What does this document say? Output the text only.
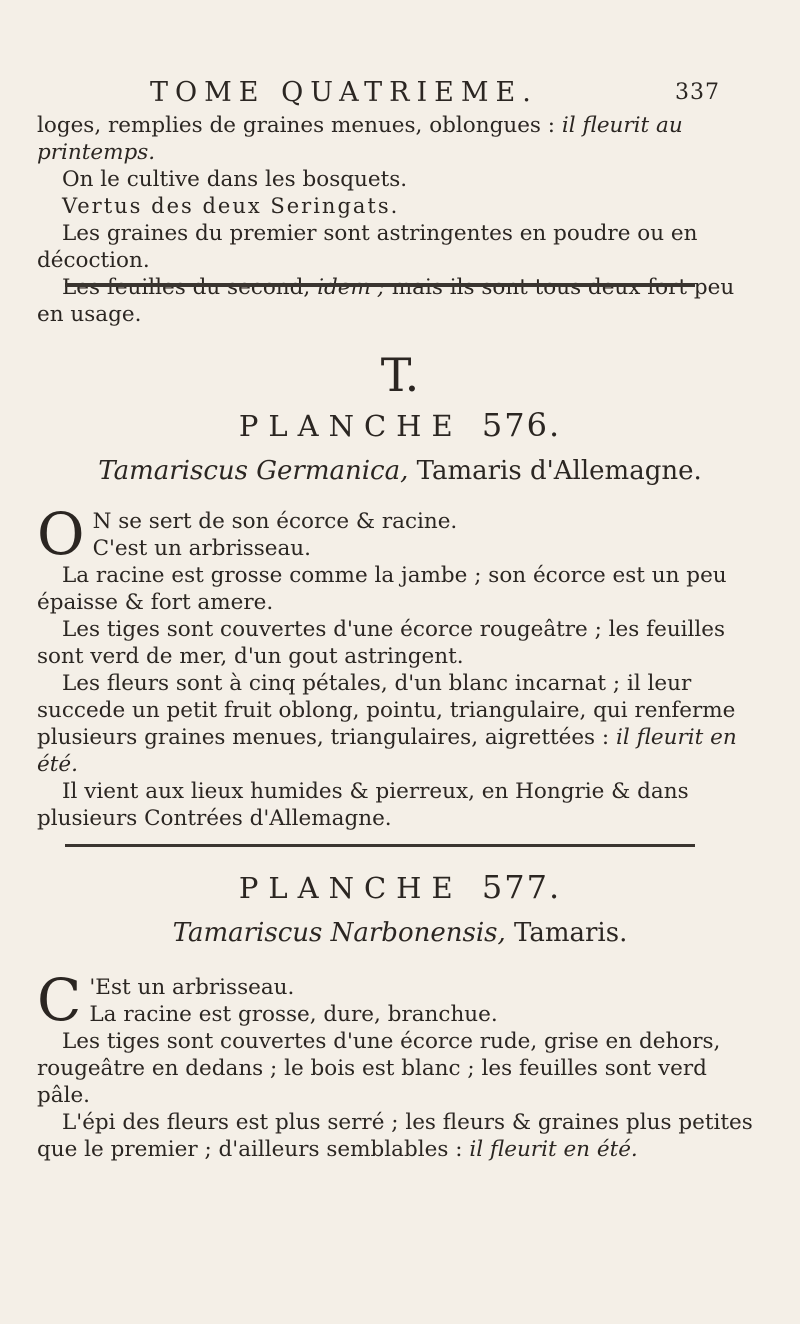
TOME QUATRIEME.	337

loges, remplies de graines menues, oblongues : il fleurit au printemps.

On le cultive dans les bosquets.

Vertus des deux Seringats.

Les graines du premier sont astringentes en poudre ou en décoction.

Les feuilles du second, idem ; mais ils sont tous deux fort peu en usage.

T.
PLANCHE 576.
Tamariscus Germanica, Tamaris d'Allemagne.

O N se sert de son écorce & racine.
C'est un arbrisseau.

La racine est grosse comme la jambe ; son écorce est un peu épaisse & fort amere.

Les tiges sont couvertes d'une écorce rougeâtre ; les feuilles sont verd de mer, d'un gout astringent.

Les fleurs sont à cinq pétales, d'un blanc incarnat ; il leur succede un petit fruit oblong, pointu, triangulaire, qui renferme plusieurs graines menues, triangulaires, aigrettées : il fleurit en été.

Il vient aux lieux humides & pierreux, en Hongrie & dans plusieurs Contrées d'Allemagne.

PLANCHE 577.
Tamariscus Narbonensis, Tamaris.

C 'Est un arbrisseau.
La racine est grosse, dure, branchue.

Les tiges sont couvertes d'une écorce rude, grise en dehors, rougeâtre en dedans ; le bois est blanc ; les feuilles sont verd pâle.

L'épi des fleurs est plus serré ; les fleurs & graines plus petites que le premier ; d'ailleurs semblables : il fleurit en été.
